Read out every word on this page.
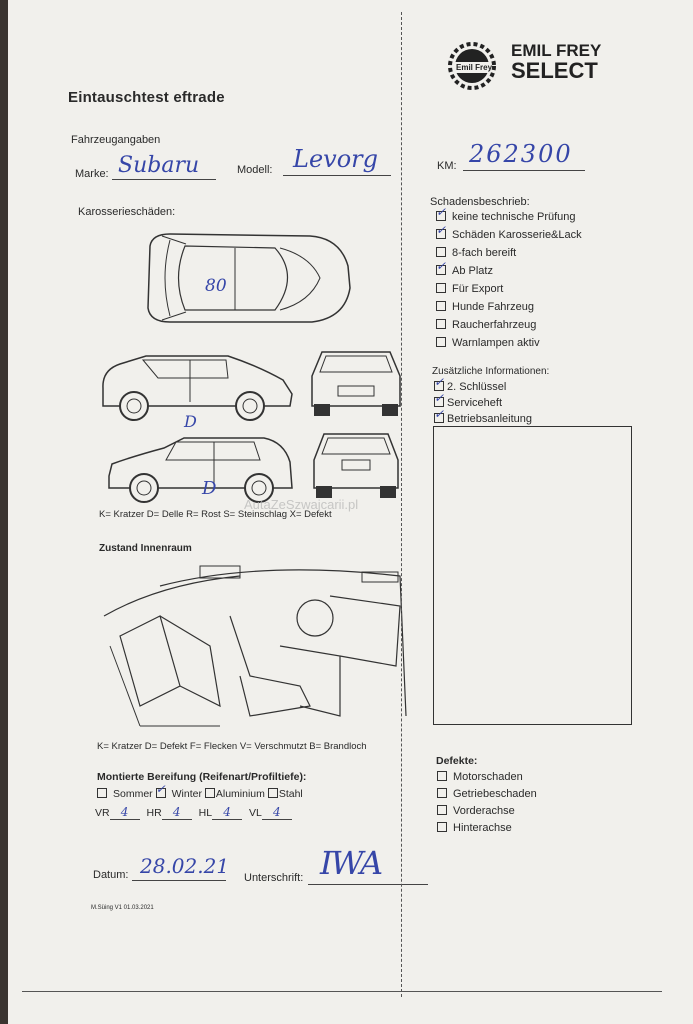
Emil Frey
EMIL FREY
SELECT
Eintauschtest eftrade
Fahrzeugangaben
Marke: Subaru	Modell: Levorg	KM: 262300
Karosserieschäden:
80
D
D
AutaZeSzwajcarii.pl
K= Kratzer D= Delle R= Rost S= Steinschlag X= Defekt
Zustand Innenraum
K= Kratzer D= Defekt F= Flecken V= Verschmutzt B= Brandloch
Montierte Bereifung (Reifenart/Profiltiefe):
Sommer ✓ Winter Aluminium Stahl
VR 4 HR 4 HL 4 VL 4
Datum: 28.02.21 Unterschrift: IWA
M.Süing V1 01.03.2021
Schadensbeschrieb:
✓keine technische Prüfung
✓Schäden Karosserie&Lack
8-fach bereift
✓Ab Platz
Für Export
Hunde Fahrzeug
Raucherfahrzeug
Warnlampen aktiv
Zusätzliche Informationen:
✓2. Schlüssel
✓Serviceheft
✓Betriebsanleitung
Defekte:
Motorschaden
Getriebeschaden
Vorderachse
Hinterachse
